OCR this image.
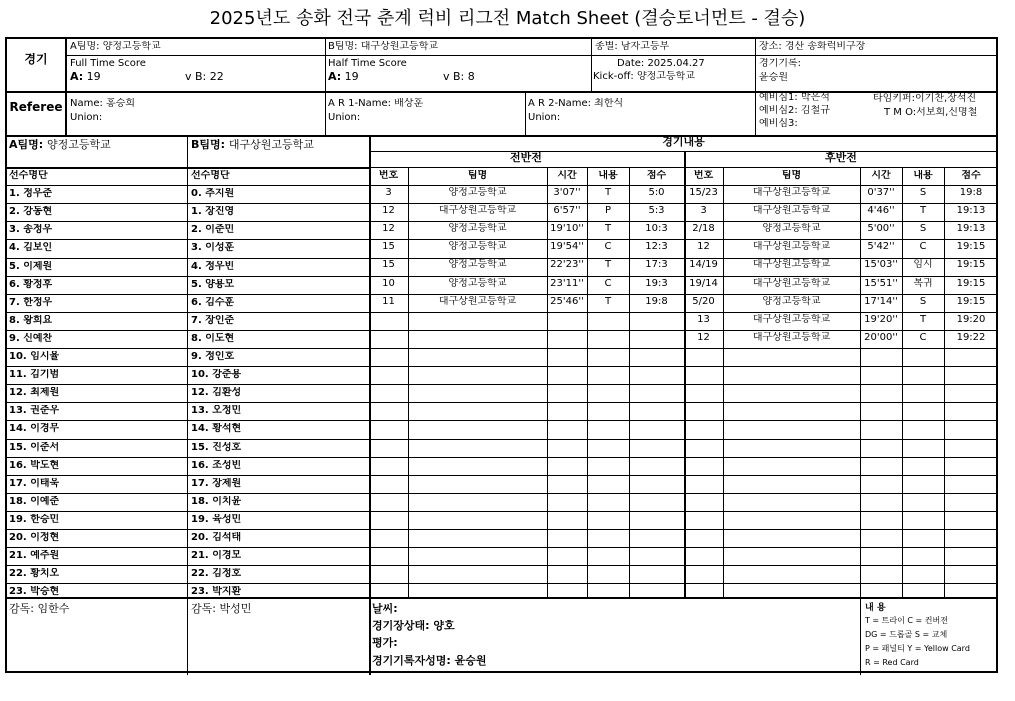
2025년도 송화 전국 춘계 럭비 리그전 Match Sheet (결승토너먼트 - 결승)
경기
A팀명: 양정고등학교	B팀명: 대구상원고등학교	종별: 남자고등부	장소: 경산 송화럭비구장
Full Time Score
A: 19	v B: 22
Half Time Score
A: 19	v B: 8
Date: 2025.04.27
Kick-off: 양정고등학교
경기기록:
윤승원
Referee Name: 홍승희
Union:
A R 1-Name: 배상훈
Union:
A R 2-Name: 최한식
Union:
예비심1: 박은석
예비심2: 김철규
예비심3:
타임키퍼:이기찬,장석진
T M O:서보희,신명철
A팀명: 양정고등학교	B팀명: 대구상원고등학교	경기내용
전반전	후반전
선수명단	선수명단	번호	팀명	시간	내용	점수	번호	팀명	시간	내용	점수
1. 정우준	0. 추지원
2. 강동현	1. 장진영
3. 송정우	2. 이준민
4. 김보인	3. 이성훈
5. 이제원	4. 정우빈
6. 황정후	5. 양용모
7. 한정우	6. 김수훈
8. 왕희요	7. 장인준
9. 신예찬	8. 이도현
10. 임시율	9. 정인호
11. 김기범	10. 강준용
12. 최제원	12. 김환성
13. 권준우	13. 오정민
14. 이경무	14. 황석현
15. 이준서	15. 진성호
16. 박도현	16. 조성빈
17. 이태욱	17. 장제원
18. 이예준	18. 이치윤
19. 한승민	19. 육성민
20. 이정현	20. 김석태
21. 예주원	21. 이경모
22. 황치오	22. 김정호
23. 박승현	23. 박지환
3	양정고등학교	3'07''	T	5:0
12	대구상원고등학교	6'57''	P	5:3
12	양정고등학교	19'10''	T	10:3
15	양정고등학교	19'54''	C	12:3
15	양정고등학교	22'23''	T	17:3
10	양정고등학교	23'11''	C	19:3
11	대구상원고등학교	25'46''	T	19:8
15/23	대구상원고등학교	0'37''	S	19:8
3	대구상원고등학교	4'46''	T	19:13
2/18	양정고등학교	5'00''	S	19:13
12	대구상원고등학교	5'42''	C	19:15
14/19	대구상원고등학교	15'03''	임시	19:15
19/14	대구상원고등학교	15'51''	복귀	19:15
5/20	양정고등학교	17'14''	S	19:15
13	대구상원고등학교	19'20''	T	19:20
12	대구상원고등학교	20'00''	C	19:22
감독: 임한수	감독: 박성민	날씨:
경기장상태: 양호
평가:
경기기록자성명: 윤승원
내 용
T = 트라이 C = 컨버젼
DG = 드롭골 S = 교체
P = 패널티 Y = Yellow Card
R = Red Card
